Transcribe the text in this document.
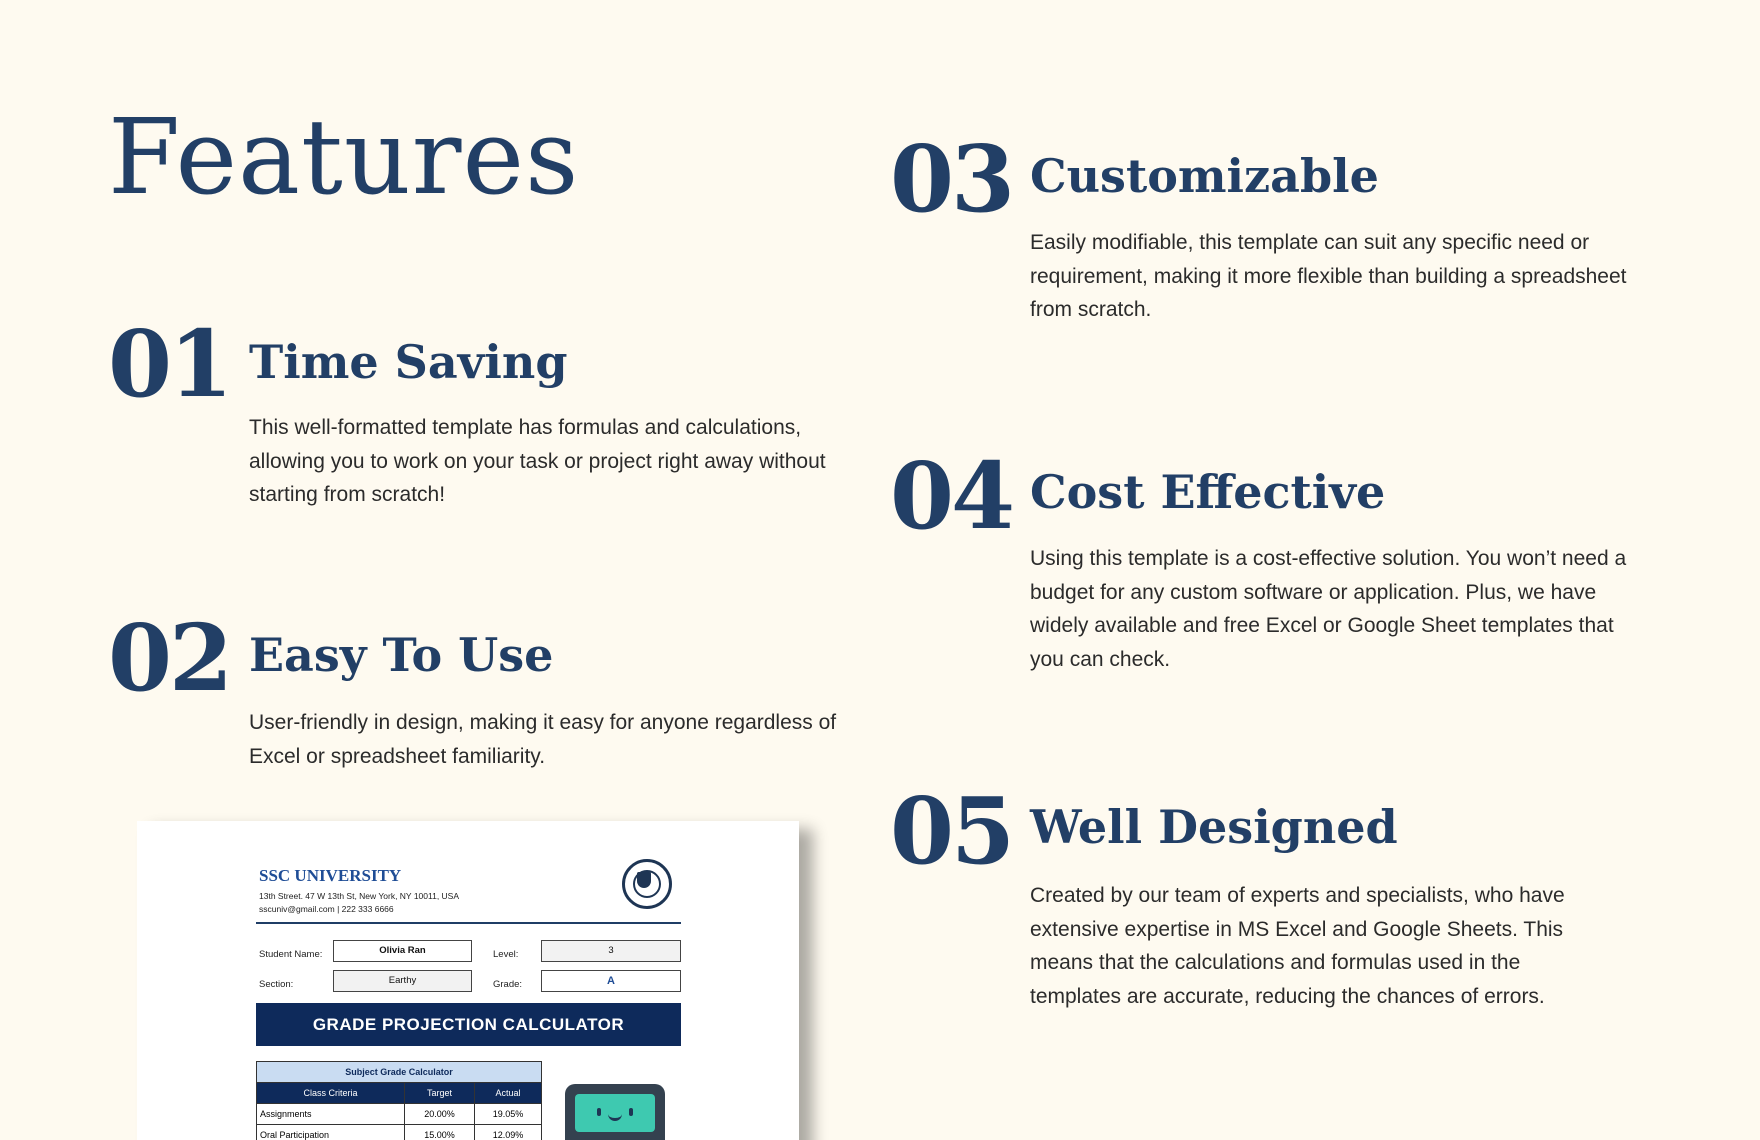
Features
01 Time Saving
This well-formatted template has formulas and calculations, allowing you to work on your task or project right away without starting from scratch!
02 Easy To Use
User-friendly in design, making it easy for anyone regardless of Excel or spreadsheet familiarity.
03 Customizable
Easily modifiable, this template can suit any specific need or requirement, making it more flexible than building a spreadsheet from scratch.
04 Cost Effective
Using this template is a cost-effective solution. You won’t need a budget for any custom software or application. Plus, we have widely available and free Excel or Google Sheet templates that you can check.
05 Well Designed
Created by our team of experts and specialists, who have extensive expertise in MS Excel and Google Sheets. This means that the calculations and formulas used in the templates are accurate, reducing the chances of errors.
SSC UNIVERSITY
13th Street. 47 W 13th St, New York, NY 10011, USA
sscuniv@gmail.com | 222 333 6666
Student Name:	Olivia Ran	Level:	3
Section:	Earthy	Grade:	A
GRADE PROJECTION CALCULATOR
Subject Grade Calculator		
Class Criteria	Target	Actual
Assignments	20.00%	19.05%
Oral Participation	15.00%	12.09%
